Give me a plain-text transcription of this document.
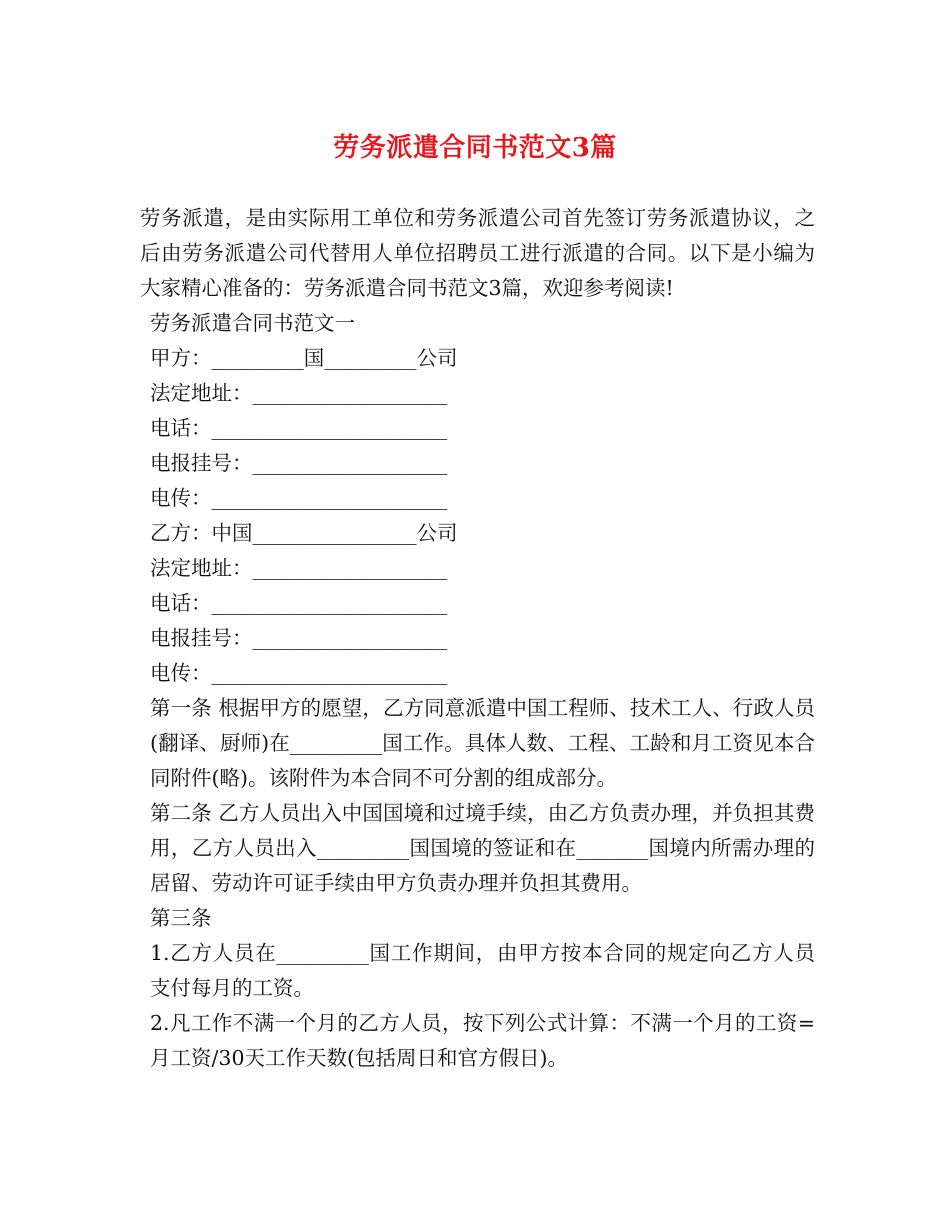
劳务派遣合同书范文3篇

劳务派遣，是由实际用工单位和劳务派遣公司首先签订劳务派遣协议，之后由劳务派遣公司代替用人单位招聘员工进行派遣的合同。以下是小编为大家精心准备的：劳务派遣合同书范文3篇，欢迎参考阅读!

劳务派遣合同书范文一

甲方：_________国_________公司

法定地址：___________________

电话：_______________________

电报挂号：___________________

电传：_______________________

乙方：中国________________公司

法定地址：___________________

电话：_______________________

电报挂号：___________________

电传：_______________________

第一条 根据甲方的愿望，乙方同意派遣中国工程师、技术工人、行政人员(翻译、厨师)在_________国工作。具体人数、工程、工龄和月工资见本合同附件(略)。该附件为本合同不可分割的组成部分。

第二条 乙方人员出入中国国境和过境手续，由乙方负责办理，并负担其费用，乙方人员出入_________国国境的签证和在_______国境内所需办理的居留、劳动许可证手续由甲方负责办理并负担其费用。

第三条

1.乙方人员在_________国工作期间，由甲方按本合同的规定向乙方人员支付每月的工资。

2.凡工作不满一个月的乙方人员，按下列公式计算：不满一个月的工资=月工资/30天工作天数(包括周日和官方假日)。
